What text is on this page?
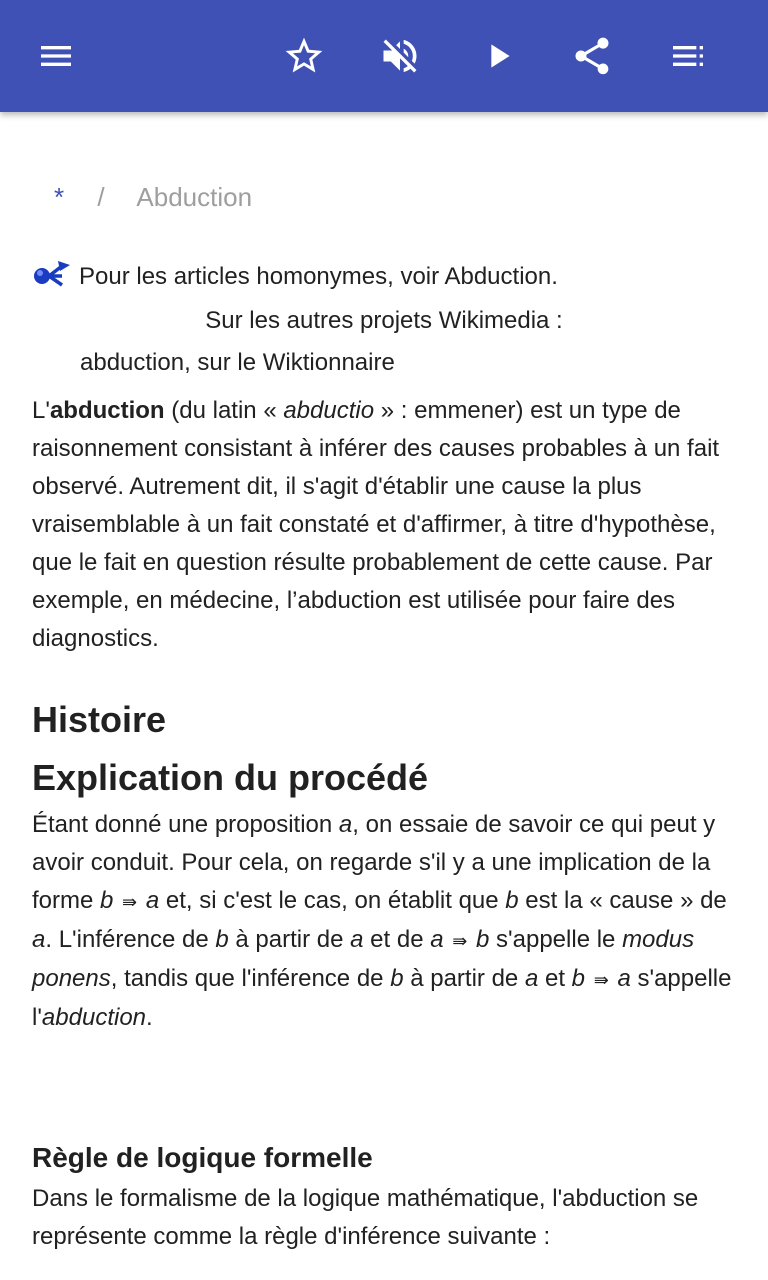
* / Abduction
Pour les articles homonymes, voir Abduction.
Sur les autres projets Wikimedia :
abduction, sur le Wiktionnaire
L'abduction (du latin « abductio » : emmener) est un type de raisonnement consistant à inférer des causes probables à un fait observé. Autrement dit, il s'agit d'établir une cause la plus vraisemblable à un fait constaté et d'affirmer, à titre d'hypothèse, que le fait en question résulte probablement de cette cause. Par exemple, en médecine, l’abduction est utilisée pour faire des diagnostics.
Histoire
Explication du procédé
Étant donné une proposition a, on essaie de savoir ce qui peut y avoir conduit. Pour cela, on regarde s'il y a une implication de la forme b ⇛ a et, si c'est le cas, on établit que b est la « cause » de a. L'inférence de b à partir de a et de a ⇛ b s'appelle le modus ponens, tandis que l'inférence de b à partir de a et b ⇛ a s'appelle l'abduction.
Règle de logique formelle
Dans le formalisme de la logique mathématique, l'abduction se représente comme la règle d'inférence suivante :
